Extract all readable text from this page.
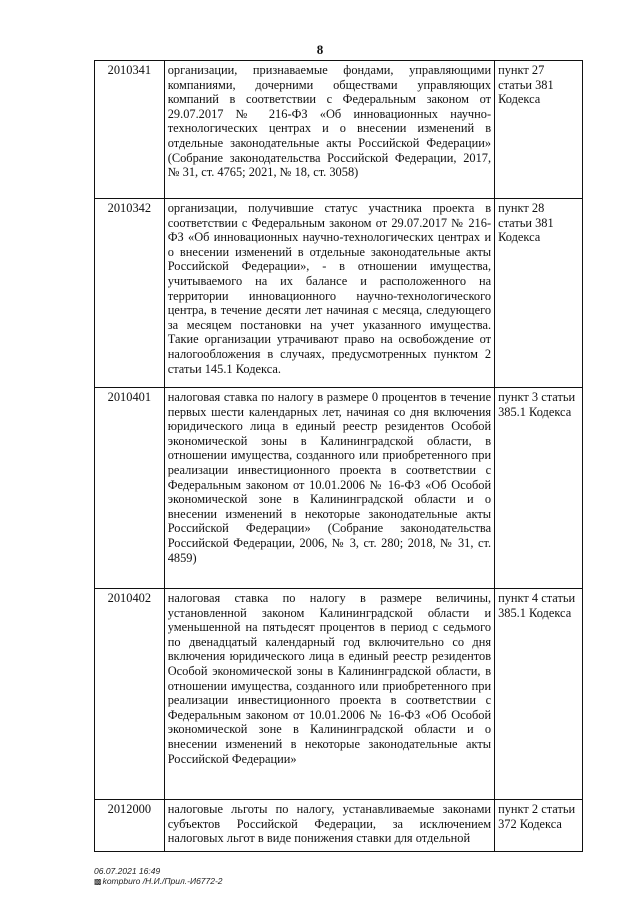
8
2010341	организации, признаваемые фондами, управляющими компаниями, дочерними обществами управляющих компаний в соответствии с Федеральным законом от 29.07.2017 № 216-ФЗ «Об инновационных научно-технологических центрах и о внесении изменений в отдельные законодательные акты Российской Федерации» (Собрание законодательства Российской Федерации, 2017, № 31, ст. 4765; 2021, № 18, ст. 3058)	пункт 27 статьи 381 Кодекса
2010342	организации, получившие статус участника проекта в соответствии с Федеральным законом от 29.07.2017 № 216-ФЗ «Об инновационных научно-технологических центрах и о внесении изменений в отдельные законодательные акты Российской Федерации», - в отношении имущества, учитываемого на их балансе и расположенного на территории инновационного научно-технологического центра, в течение десяти лет начиная с месяца, следующего за месяцем постановки на учет указанного имущества. Такие организации утрачивают право на освобождение от налогообложения в случаях, предусмотренных пунктом 2 статьи 145.1 Кодекса.	пункт 28 статьи 381 Кодекса
2010401	налоговая ставка по налогу в размере 0 процентов в течение первых шести календарных лет, начиная со дня включения юридического лица в единый реестр резидентов Особой экономической зоны в Калининградской области, в отношении имущества, созданного или приобретенного при реализации инвестиционного проекта в соответствии с Федеральным законом от 10.01.2006 № 16-ФЗ «Об Особой экономической зоне в Калининградской области и о внесении изменений в некоторые законодательные акты Российской Федерации» (Собрание законодательства Российской Федерации, 2006, № 3, ст. 280; 2018, № 31, ст. 4859)	пункт 3 статьи 385.1 Кодекса
2010402	налоговая ставка по налогу в размере величины, установленной законом Калининградской области и уменьшенной на пятьдесят процентов в период с седьмого по двенадцатый календарный год включительно со дня включения юридического лица в единый реестр резидентов Особой экономической зоны в Калининградской области, в отношении имущества, созданного или приобретенного при реализации инвестиционного проекта в соответствии с Федеральным законом от 10.01.2006 № 16-ФЗ «Об Особой экономической зоне в Калининградской области и о внесении изменений в некоторые законодательные акты Российской Федерации»	пункт 4 статьи 385.1 Кодекса
2012000	налоговые льготы по налогу, устанавливаемые законами субъектов Российской Федерации, за исключением налоговых льгот в виде понижения ставки для отдельной	пункт 2 статьи 372 Кодекса
06.07.2021 16:49
▩kompburo /Н.И./Прил.-И6772-2
